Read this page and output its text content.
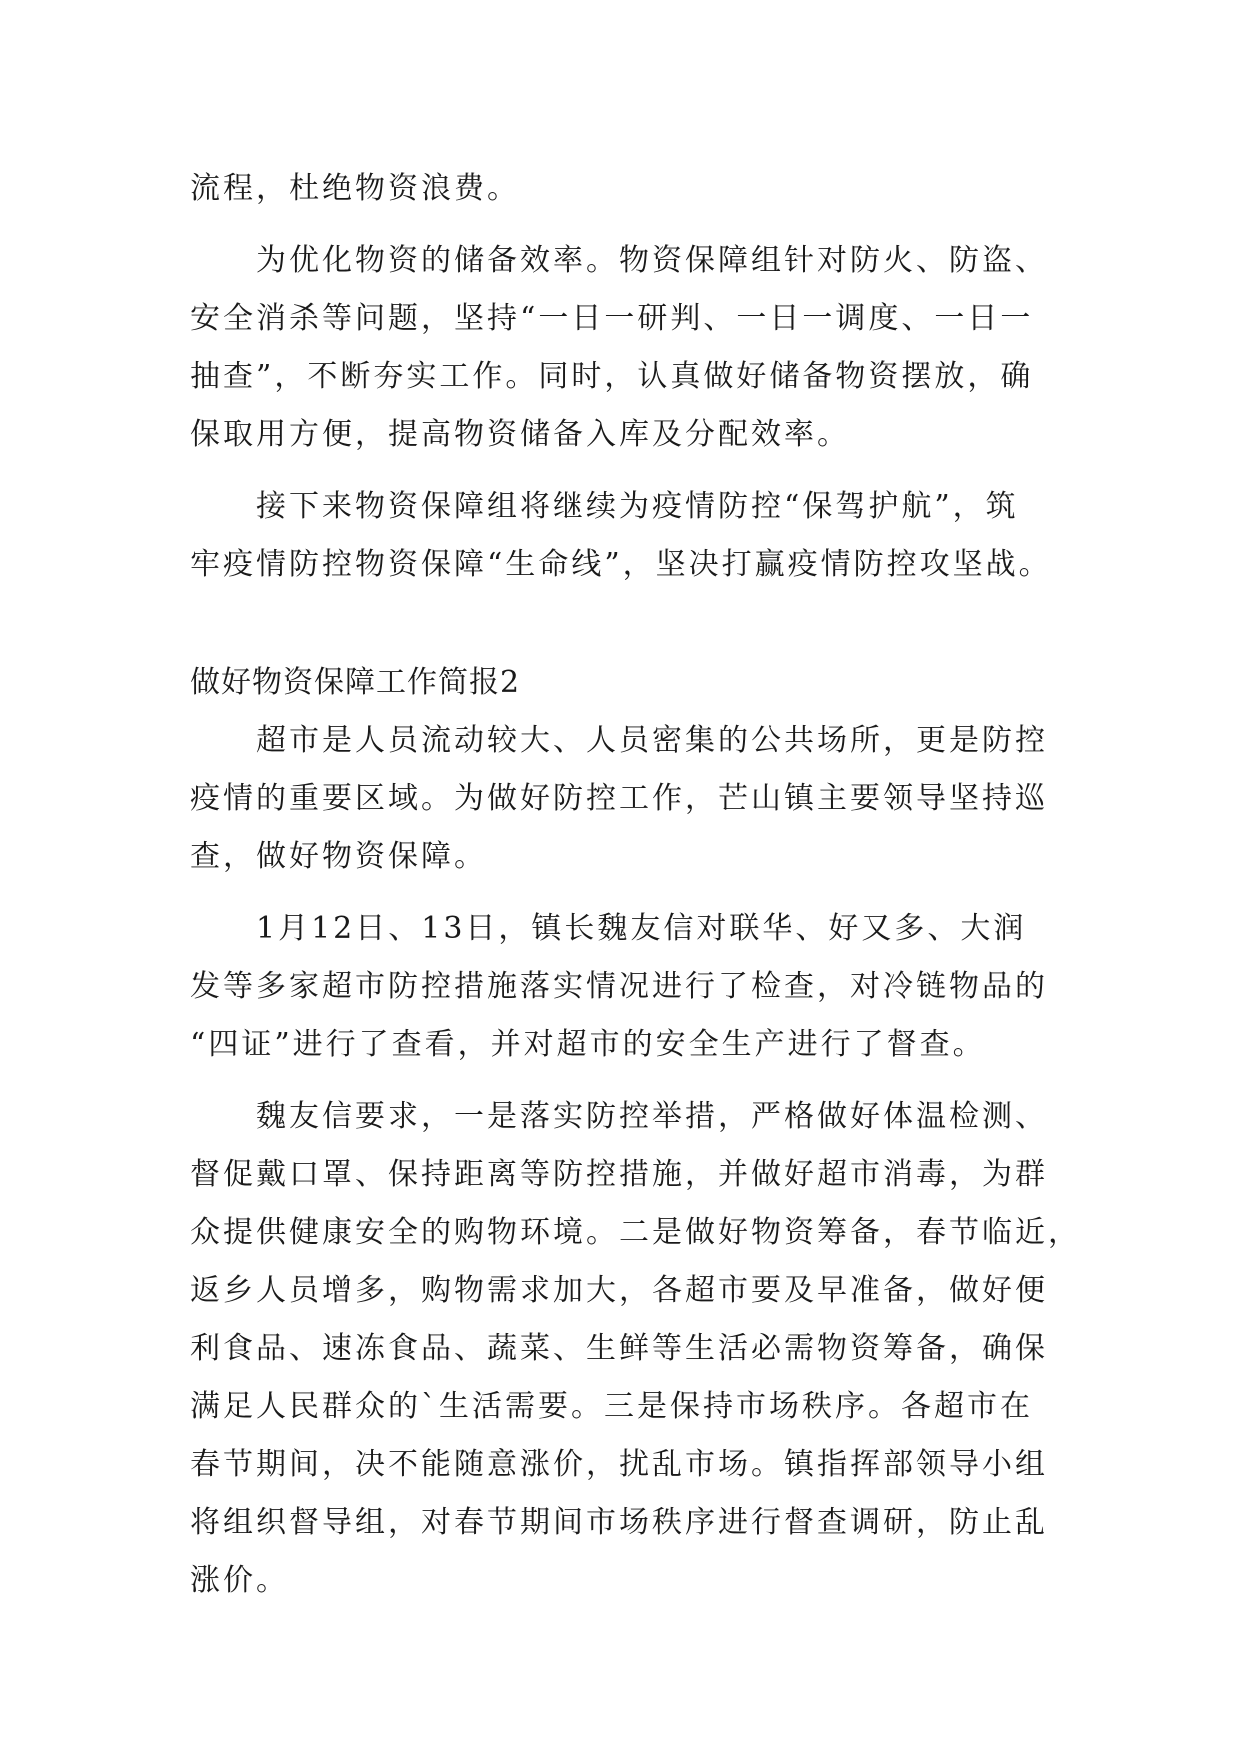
流程，杜绝物资浪费。
为优化物资的储备效率。物资保障组针对防火、防盗、
安全消杀等问题，坚持“一日一研判、一日一调度、一日一
抽查”，不断夯实工作。同时，认真做好储备物资摆放，确
保取用方便，提高物资储备入库及分配效率。
接下来物资保障组将继续为疫情防控“保驾护航”，筑
牢疫情防控物资保障“生命线”，坚决打赢疫情防控攻坚战。
做好物资保障工作简报2
超市是人员流动较大、人员密集的公共场所，更是防控
疫情的重要区域。为做好防控工作，芒山镇主要领导坚持巡
查，做好物资保障。
1月12日、13日，镇长魏友信对联华、好又多、大润
发等多家超市防控措施落实情况进行了检查，对冷链物品的
“四证”进行了查看，并对超市的安全生产进行了督查。
魏友信要求，一是落实防控举措，严格做好体温检测、
督促戴口罩、保持距离等防控措施，并做好超市消毒，为群
众提供健康安全的购物环境。二是做好物资筹备，春节临近，
返乡人员增多，购物需求加大，各超市要及早准备，做好便
利食品、速冻食品、蔬菜、生鲜等生活必需物资筹备，确保
满足人民群众的`生活需要。三是保持市场秩序。各超市在
春节期间，决不能随意涨价，扰乱市场。镇指挥部领导小组
将组织督导组，对春节期间市场秩序进行督查调研，防止乱
涨价。
